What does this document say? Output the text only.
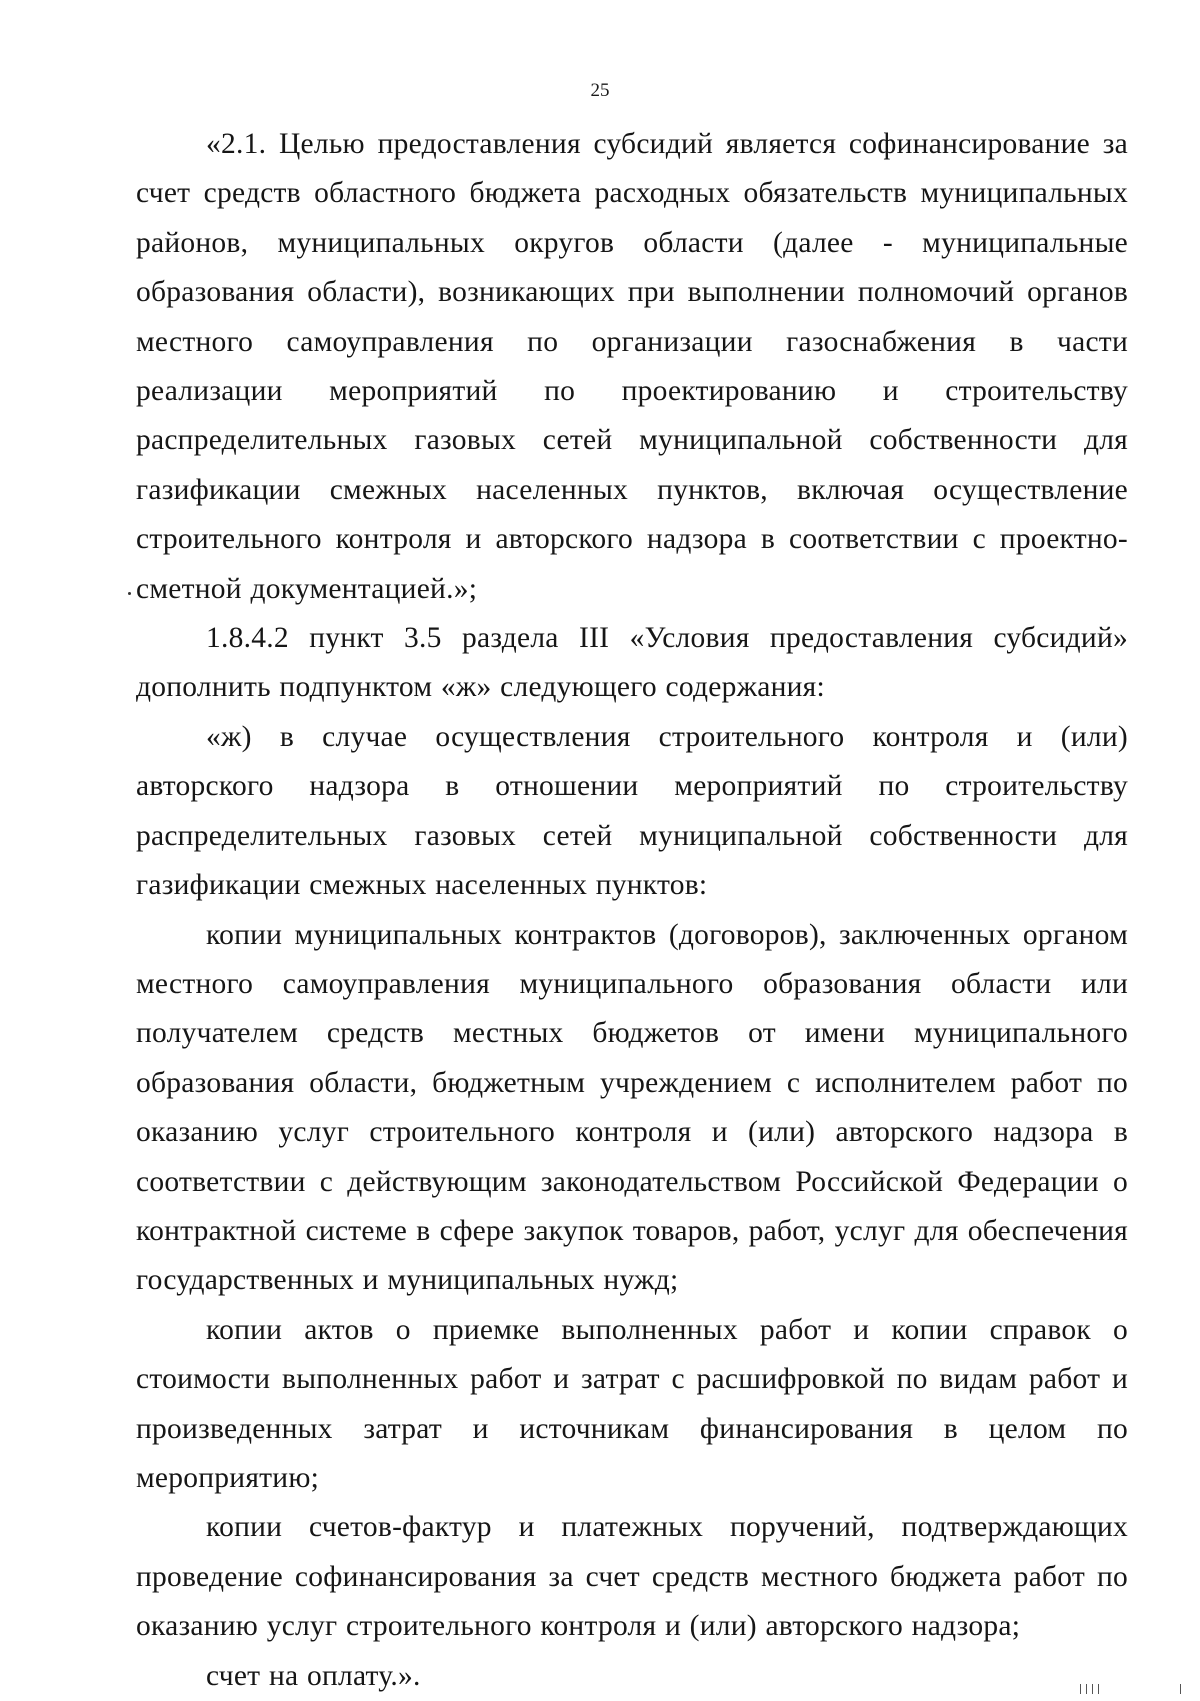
25

«2.1. Целью предоставления субсидий является софинансирование за счет средств областного бюджета расходных обязательств муниципальных районов, муниципальных округов области (далее - муниципальные образования области), возникающих при выполнении полномочий органов местного самоуправления по организации газоснабжения в части реализации мероприятий по проектированию и строительству распределительных газовых сетей муниципальной собственности для газификации смежных населенных пунктов, включая осуществление строительного контроля и авторского надзора в соответствии с проектно-сметной документацией.»;

1.8.4.2 пункт 3.5 раздела III «Условия предоставления субсидий» дополнить подпунктом «ж» следующего содержания:

«ж) в случае осуществления строительного контроля и (или) авторского надзора в отношении мероприятий по строительству распределительных газовых сетей муниципальной собственности для газификации смежных населенных пунктов:

копии муниципальных контрактов (договоров), заключенных органом местного самоуправления муниципального образования области или получателем средств местных бюджетов от имени муниципального образования области, бюджетным учреждением с исполнителем работ по оказанию услуг строительного контроля и (или) авторского надзора в соответствии с действующим законодательством Российской Федерации о контрактной системе в сфере закупок товаров, работ, услуг для обеспечения государственных и муниципальных нужд;

копии актов о приемке выполненных работ и копии справок о стоимости выполненных работ и затрат с расшифровкой по видам работ и произведенных затрат и источникам финансирования в целом по мероприятию;

копии счетов-фактур и платежных поручений, подтверждающих проведение софинансирования за счет средств местного бюджета работ по оказанию услуг строительного контроля и (или) авторского надзора;

счет на оплату.».
